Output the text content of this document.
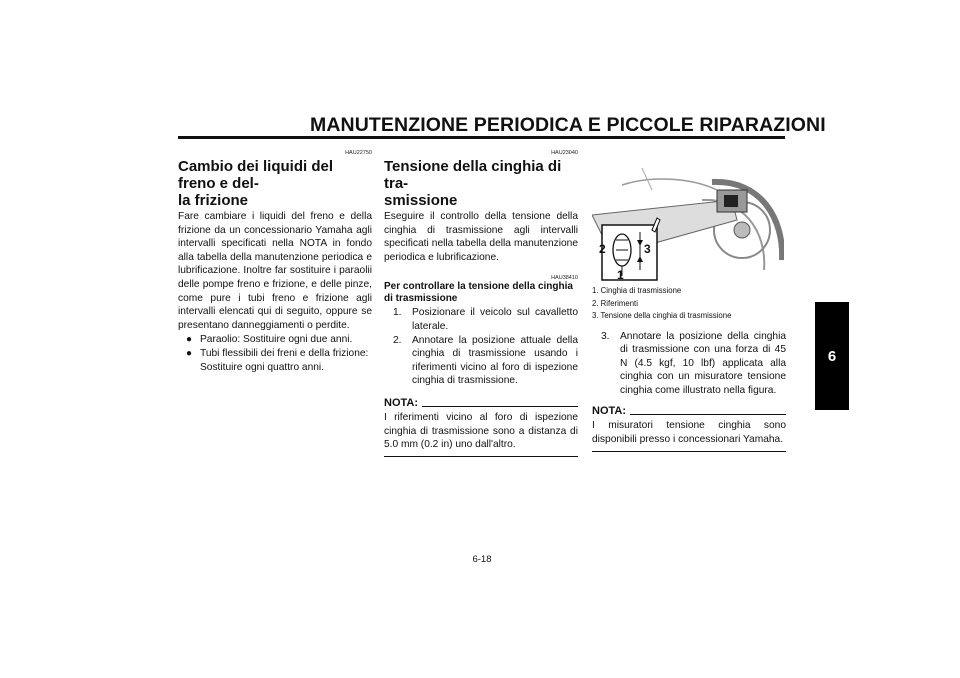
MANUTENZIONE PERIODICA E PICCOLE RIPARAZIONI
6
HAU22750
Cambio dei liquidi del freno e del-
la frizione
Fare cambiare i liquidi del freno e della frizione da un concessionario Yamaha agli intervalli specificati nella NOTA in fondo alla tabella della manutenzione periodica e lubrificazione. Inoltre far sostituire i paraolii delle pompe freno e frizione, e delle pinze, come pure i tubi freno e frizione agli intervalli elencati qui di seguito, oppure se presentano danneggiamenti o perdite.
● Paraolio: Sostituire ogni due anni.
● Tubi flessibili dei freni e della frizione: Sostituire ogni quattro anni.
HAU23040
Tensione della cinghia di tra-
smissione
Eseguire il controllo della tensione della cinghia di trasmissione agli intervalli specificati nella tabella della manutenzione periodica e lubrificazione.
HAU38410
Per controllare la tensione della cinghia di trasmissione
1.	Posizionare il veicolo sul cavalletto laterale.
2.	Annotare la posizione attuale della cinghia di trasmissione usando i riferimenti vicino al foro di ispezione cinghia di trasmissione.
NOTA:
I riferimenti vicino al foro di ispezione cinghia di trasmissione sono a distanza di 5.0 mm (0.2 in) uno dall'altro.
2	3
1
1. Cinghia di trasmissione
2. Riferimenti
3. Tensione della cinghia di trasmissione
3.	Annotare la posizione della cinghia di trasmissione con una forza di 45 N (4.5 kgf, 10 lbf) applicata alla cinghia con un misuratore tensione cinghia come illustrato nella figura.
NOTA:
I misuratori tensione cinghia sono disponibili presso i concessionari Yamaha.
6-18
